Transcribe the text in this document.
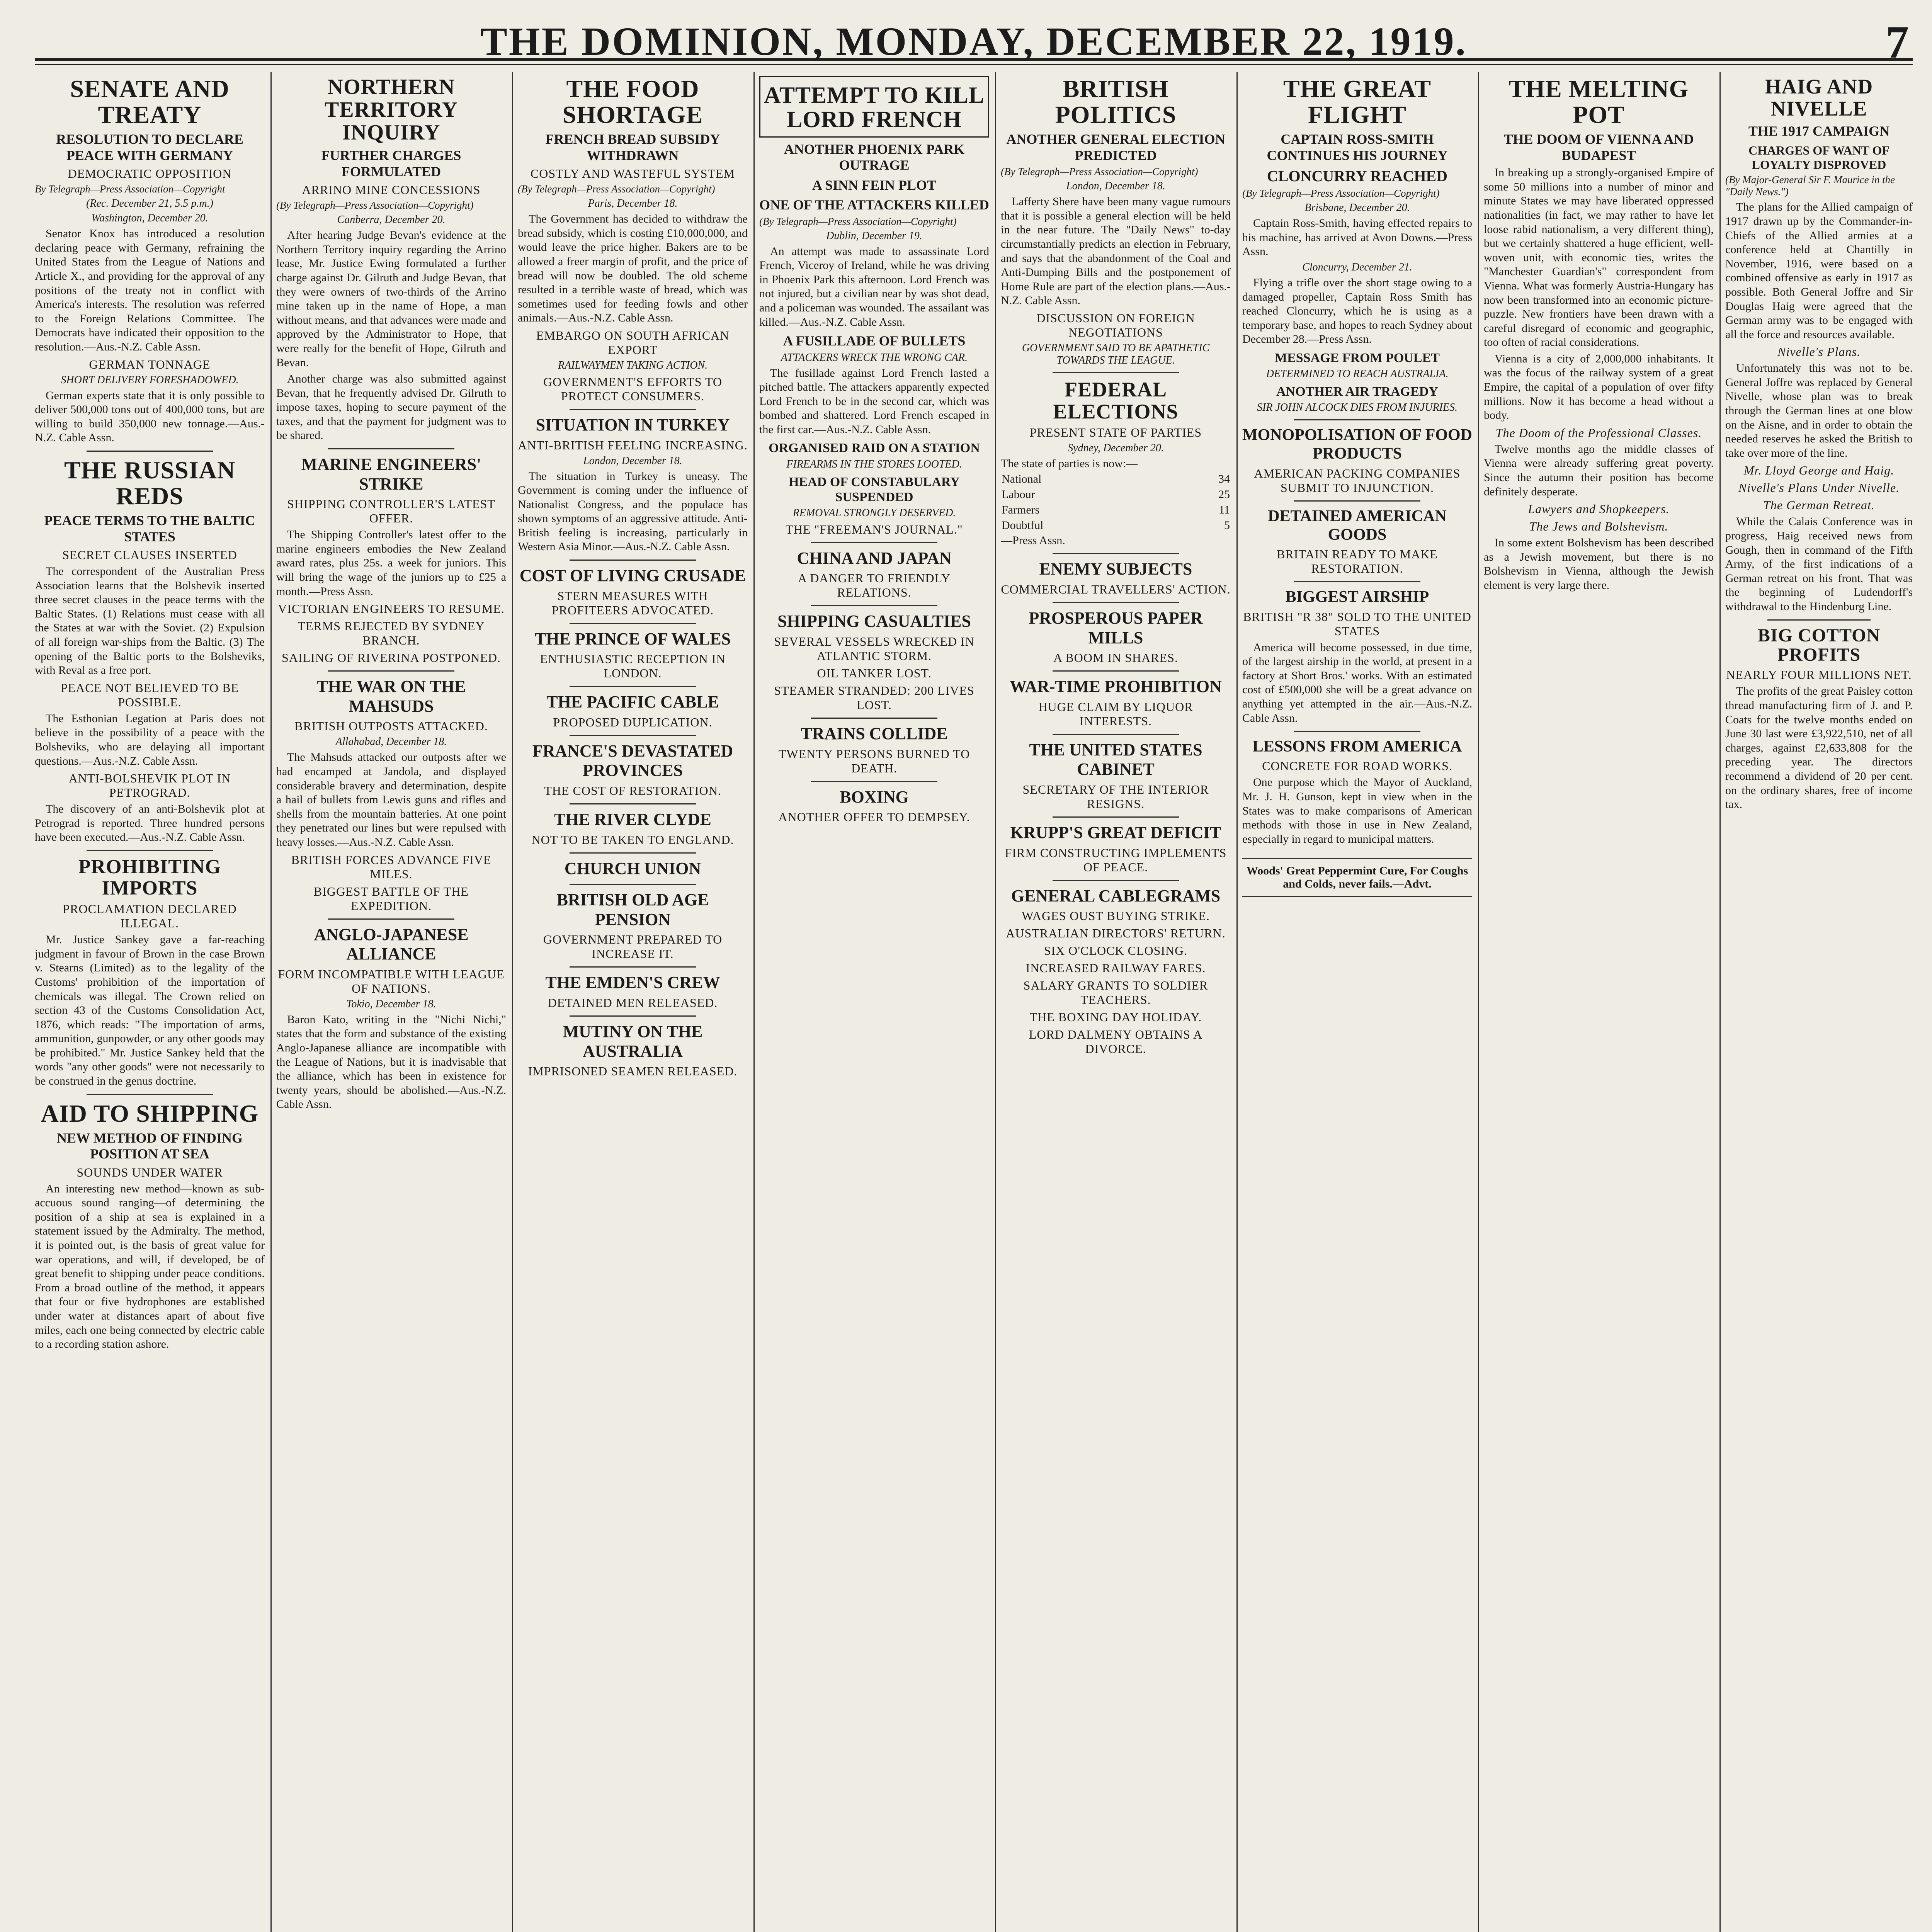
THE DOMINION, MONDAY, DECEMBER 22, 1919.	7
SENATE AND TREATY
RESOLUTION TO DECLARE PEACE WITH GERMANY
DEMOCRATIC OPPOSITION
By Telegraph—Press Association—Copyright
(Rec. December 21, 5.5 p.m.)
Washington, December 20.

Senator Knox has introduced a resolution declaring peace with Germany, refraining the United States from the League of Nations and Article X., and providing for the approval of any positions of the treaty not in conflict with America's interests. The resolution was referred to the Foreign Relations Committee. The Democrats have indicated their opposition to the resolution.—Aus.-N.Z. Cable Assn.

GERMAN TONNAGE
SHORT DELIVERY FORESHADOWED.

German experts state that it is only possible to deliver 500,000 tons out of 400,000 tons, but are willing to build 350,000 new tonnage.—Aus.-N.Z. Cable Assn.

THE RUSSIAN REDS
PEACE TERMS TO THE BALTIC STATES
SECRET CLAUSES INSERTED

The correspondent of the Australian Press Association learns that the Bolshevik inserted three secret clauses in the peace terms with the Baltic States. (1) Relations must cease with all the States at war with the Soviet. (2) Expulsion of all foreign war-ships from the Baltic. (3) The opening of the Baltic ports to the Bolsheviks, with Reval as a free port.

PEACE NOT BELIEVED TO BE POSSIBLE.

The Esthonian Legation at Paris does not believe in the possibility of a peace with the Bolsheviks, who are delaying all important questions.—Aus.-N.Z. Cable Assn.

ANTI-BOLSHEVIK PLOT IN PETROGRAD.

The discovery of an anti-Bolshevik plot at Petrograd is reported. Three hundred persons have been executed.—Aus.-N.Z. Cable Assn.

PROHIBITING IMPORTS
PROCLAMATION DECLARED ILLEGAL.

Mr. Justice Sankey gave a far-reaching judgment in favour of Brown in the case Brown v. Stearns (Limited) as to the legality of the Customs' prohibition of the importation of chemicals was illegal. The Crown relied on section 43 of the Customs Consolidation Act, 1876, which reads: "The importation of arms, ammunition, gunpowder, or any other goods may be prohibited." Mr. Justice Sankey held that the words "any other goods" were not necessarily to be construed in the genus doctrine.

AID TO SHIPPING
NEW METHOD OF FINDING POSITION AT SEA
SOUNDS UNDER WATER

An interesting new method—known as sub-accuous sound ranging—of determining the position of a ship at sea is explained in a statement issued by the Admiralty. The method, it is pointed out, is the basis of great value for war operations, and will, if developed, be of great benefit to shipping under peace conditions. From a broad outline of the method, it appears that four or five hydrophones are established under water at distances apart of about five miles, each one being connected by electric cable to a recording station ashore.

NORTHERN TERRITORY INQUIRY
FURTHER CHARGES FORMULATED
ARRINO MINE CONCESSIONS
(By Telegraph—Press Association—Copyright)
Canberra, December 20.

After hearing Judge Bevan's evidence at the Northern Territory inquiry regarding the Arrino lease, Mr. Justice Ewing formulated a further charge against Dr. Gilruth and Judge Bevan, that they were owners of two-thirds of the Arrino mine taken up in the name of Hope, a man without means, and that advances were made and approved by the Administrator to Hope, that were really for the benefit of Hope, Gilruth and Bevan.

Another charge was also submitted against Bevan, that he frequently advised Dr. Gilruth to impose taxes, hoping to secure payment of the taxes, and that the payment for judgment was to be shared.

MARINE ENGINEERS' STRIKE
SHIPPING CONTROLLER'S LATEST OFFER.

The Shipping Controller's latest offer to the marine engineers embodies the New Zealand award rates, plus 25s. a week for juniors. This will bring the wage of the juniors up to £25 a month.—Press Assn.

VICTORIAN ENGINEERS TO RESUME.
TERMS REJECTED BY SYDNEY BRANCH.
SAILING OF RIVERINA POSTPONED.
THE WAR ON THE MAHSUDS
BRITISH OUTPOSTS ATTACKED.
Allahabad, December 18.

The Mahsuds attacked our outposts after we had encamped at Jandola, and displayed considerable bravery and determination, despite a hail of bullets from Lewis guns and rifles and shells from the mountain batteries. At one point they penetrated our lines but were repulsed with heavy losses.—Aus.-N.Z. Cable Assn.

BRITISH FORCES ADVANCE FIVE MILES.
BIGGEST BATTLE OF THE EXPEDITION.
ANGLO-JAPANESE ALLIANCE
FORM INCOMPATIBLE WITH LEAGUE OF NATIONS.
Tokio, December 18.

Baron Kato, writing in the "Nichi Nichi," states that the form and substance of the existing Anglo-Japanese alliance are incompatible with the League of Nations, but it is inadvisable that the alliance, which has been in existence for twenty years, should be abolished.—Aus.-N.Z. Cable Assn.

THE FOOD SHORTAGE
FRENCH BREAD SUBSIDY WITHDRAWN
COSTLY AND WASTEFUL SYSTEM
(By Telegraph—Press Association—Copyright)
Paris, December 18.

The Government has decided to withdraw the bread subsidy, which is costing £10,000,000, and would leave the price higher. Bakers are to be allowed a freer margin of profit, and the price of bread will now be doubled. The old scheme resulted in a terrible waste of bread, which was sometimes used for feeding fowls and other animals.—Aus.-N.Z. Cable Assn.

EMBARGO ON SOUTH AFRICAN EXPORT
RAILWAYMEN TAKING ACTION.
GOVERNMENT'S EFFORTS TO PROTECT CONSUMERS.
SITUATION IN TURKEY
ANTI-BRITISH FEELING INCREASING.
London, December 18.

The situation in Turkey is uneasy. The Government is coming under the influence of Nationalist Congress, and the populace has shown symptoms of an aggressive attitude. Anti-British feeling is increasing, particularly in Western Asia Minor.—Aus.-N.Z. Cable Assn.

COST OF LIVING CRUSADE
STERN MEASURES WITH PROFITEERS ADVOCATED.
THE PRINCE OF WALES
ENTHUSIASTIC RECEPTION IN LONDON.
THE PACIFIC CABLE
PROPOSED DUPLICATION.
FRANCE'S DEVASTATED PROVINCES
THE COST OF RESTORATION.
THE RIVER CLYDE
NOT TO BE TAKEN TO ENGLAND.
CHURCH UNION
BRITISH OLD AGE PENSION
GOVERNMENT PREPARED TO INCREASE IT.
THE EMDEN'S CREW
DETAINED MEN RELEASED.
MUTINY ON THE AUSTRALIA
IMPRISONED SEAMEN RELEASED.
ATTEMPT TO KILL LORD FRENCH
ANOTHER PHOENIX PARK OUTRAGE
A SINN FEIN PLOT
ONE OF THE ATTACKERS KILLED
(By Telegraph—Press Association—Copyright)
Dublin, December 19.

An attempt was made to assassinate Lord French, Viceroy of Ireland, while he was driving in Phoenix Park this afternoon. Lord French was not injured, but a civilian near by was shot dead, and a policeman was wounded. The assailant was killed.—Aus.-N.Z. Cable Assn.

A FUSILLADE OF BULLETS
ATTACKERS WRECK THE WRONG CAR.

The fusillade against Lord French lasted a pitched battle. The attackers apparently expected Lord French to be in the second car, which was bombed and shattered. Lord French escaped in the first car.—Aus.-N.Z. Cable Assn.

ORGANISED RAID ON A STATION
FIREARMS IN THE STORES LOOTED.
HEAD OF CONSTABULARY SUSPENDED
REMOVAL STRONGLY DESERVED.
THE "FREEMAN'S JOURNAL."
CHINA AND JAPAN
A DANGER TO FRIENDLY RELATIONS.
SHIPPING CASUALTIES
SEVERAL VESSELS WRECKED IN ATLANTIC STORM.
OIL TANKER LOST.
STEAMER STRANDED: 200 LIVES LOST.
TRAINS COLLIDE
TWENTY PERSONS BURNED TO DEATH.
BOXING
ANOTHER OFFER TO DEMPSEY.
BRITISH POLITICS
ANOTHER GENERAL ELECTION PREDICTED
(By Telegraph—Press Association—Copyright)
London, December 18.

Lafferty Shere have been many vague rumours that it is possible a general election will be held in the near future. The "Daily News" to-day circumstantially predicts an election in February, and says that the abandonment of the Coal and Anti-Dumping Bills and the postponement of Home Rule are part of the election plans.—Aus.-N.Z. Cable Assn.

DISCUSSION ON FOREIGN NEGOTIATIONS
GOVERNMENT SAID TO BE APATHETIC TOWARDS THE LEAGUE.
FEDERAL ELECTIONS
PRESENT STATE OF PARTIES
Sydney, December 20.
The state of parties is now:—
National	34
Labour	25
Farmers	11
Doubtful	5
—Press Assn.
ENEMY SUBJECTS
COMMERCIAL TRAVELLERS' ACTION.
PROSPEROUS PAPER MILLS
A BOOM IN SHARES.
WAR-TIME PROHIBITION
HUGE CLAIM BY LIQUOR INTERESTS.
THE UNITED STATES CABINET
SECRETARY OF THE INTERIOR RESIGNS.
KRUPP'S GREAT DEFICIT
FIRM CONSTRUCTING IMPLEMENTS OF PEACE.
GENERAL CABLEGRAMS
WAGES OUST BUYING STRIKE.
AUSTRALIAN DIRECTORS' RETURN.
SIX O'CLOCK CLOSING.
INCREASED RAILWAY FARES.
SALARY GRANTS TO SOLDIER TEACHERS.
THE BOXING DAY HOLIDAY.
LORD DALMENY OBTAINS A DIVORCE.
THE GREAT FLIGHT
CAPTAIN ROSS-SMITH CONTINUES HIS JOURNEY
CLONCURRY REACHED
(By Telegraph—Press Association—Copyright)
Brisbane, December 20.

Captain Ross-Smith, having effected repairs to his machine, has arrived at Avon Downs.—Press Assn.

Cloncurry, December 21.

Flying a trifle over the short stage owing to a damaged propeller, Captain Ross Smith has reached Cloncurry, which he is using as a temporary base, and hopes to reach Sydney about December 28.—Press Assn.

MESSAGE FROM POULET
DETERMINED TO REACH AUSTRALIA.
ANOTHER AIR TRAGEDY
SIR JOHN ALCOCK DIES FROM INJURIES.
MONOPOLISATION OF FOOD PRODUCTS
AMERICAN PACKING COMPANIES SUBMIT TO INJUNCTION.
DETAINED AMERICAN GOODS
BRITAIN READY TO MAKE RESTORATION.
BIGGEST AIRSHIP
BRITISH "R 38" SOLD TO THE UNITED STATES

America will become possessed, in due time, of the largest airship in the world, at present in a factory at Short Bros.' works. With an estimated cost of £500,000 she will be a great advance on anything yet attempted in the air.—Aus.-N.Z. Cable Assn.

LESSONS FROM AMERICA
CONCRETE FOR ROAD WORKS.

One purpose which the Mayor of Auckland, Mr. J. H. Gunson, kept in view when in the States was to make comparisons of American methods with those in use in New Zealand, especially in regard to municipal matters.

Woods' Great Peppermint Cure, For Coughs and Colds, never fails.—Advt.
THE MELTING POT
THE DOOM OF VIENNA AND BUDAPEST

In breaking up a strongly-organised Empire of some 50 millions into a number of minor and minute States we may have liberated oppressed nationalities (in fact, we may rather to have let loose rabid nationalism, a very different thing), but we certainly shattered a huge efficient, well-woven unit, with economic ties, writes the "Manchester Guardian's" correspondent from Vienna. What was formerly Austria-Hungary has now been transformed into an economic picture-puzzle. New frontiers have been drawn with a careful disregard of economic and geographic, too often of racial considerations.

Vienna is a city of 2,000,000 inhabitants. It was the focus of the railway system of a great Empire, the capital of a population of over fifty millions. Now it has become a head without a body.

The Doom of the Professional Classes.

Twelve months ago the middle classes of Vienna were already suffering great poverty. Since the autumn their position has become definitely desperate.

Lawyers and Shopkeepers.
The Jews and Bolshevism.

In some extent Bolshevism has been described as a Jewish movement, but there is no Bolshevism in Vienna, although the Jewish element is very large there.

HAIG AND NIVELLE
THE 1917 CAMPAIGN
CHARGES OF WANT OF LOYALTY DISPROVED
(By Major-General Sir F. Maurice in the "Daily News.")

The plans for the Allied campaign of 1917 drawn up by the Commander-in-Chiefs of the Allied armies at a conference held at Chantilly in November, 1916, were based on a combined offensive as early in 1917 as possible. Both General Joffre and Sir Douglas Haig were agreed that the German army was to be engaged with all the force and resources available.

Nivelle's Plans.

Unfortunately this was not to be. General Joffre was replaced by General Nivelle, whose plan was to break through the German lines at one blow on the Aisne, and in order to obtain the needed reserves he asked the British to take over more of the line.

Mr. Lloyd George and Haig.
Nivelle's Plans Under Nivelle.
The German Retreat.

While the Calais Conference was in progress, Haig received news from Gough, then in command of the Fifth Army, of the first indications of a German retreat on his front. That was the beginning of Ludendorff's withdrawal to the Hindenburg Line.

BIG COTTON PROFITS
NEARLY FOUR MILLIONS NET.

The profits of the great Paisley cotton thread manufacturing firm of J. and P. Coats for the twelve months ended on June 30 last were £3,922,510, net of all charges, against £2,633,808 for the preceding year. The directors recommend a dividend of 20 per cent. on the ordinary shares, free of income tax.
